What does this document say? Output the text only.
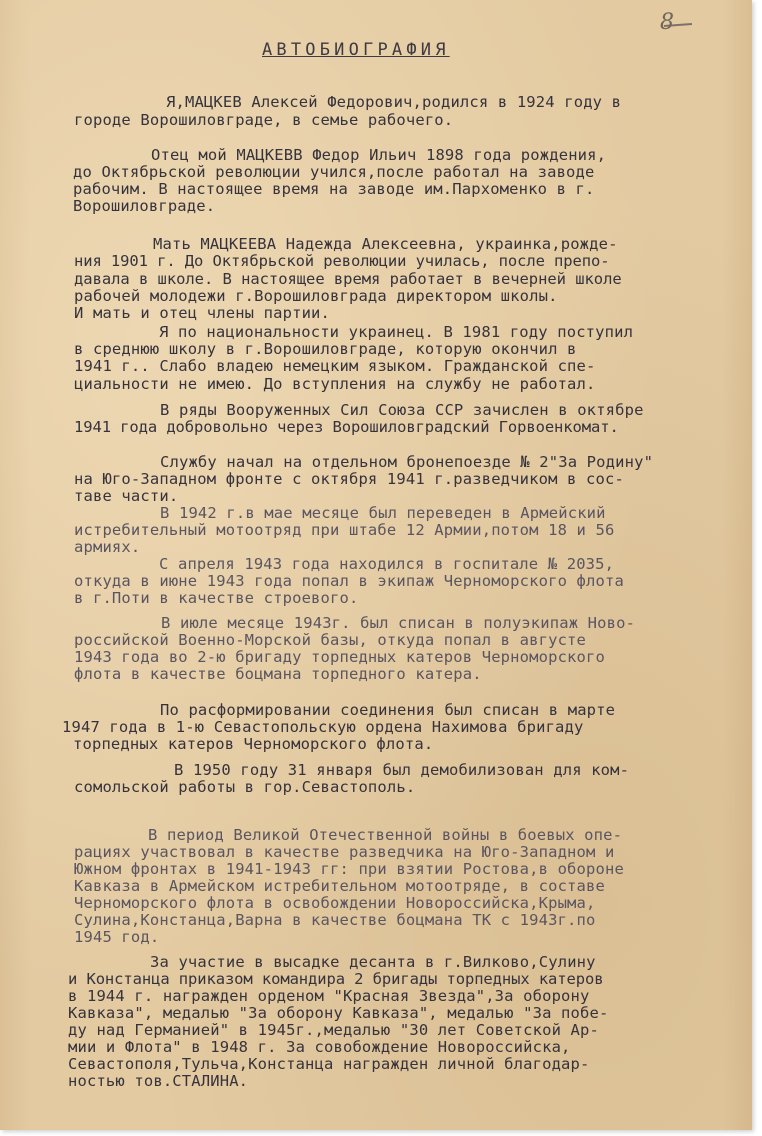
8
АВТОБИОГРАФИЯ
Я,МАЦКЕВ Алексей Федорович,родился в 1924 году в
городе Ворошиловграде, в семье рабочего.
Отец мой МАЦКЕВВ Федор Ильич 1898 года рождения,
до Октябрьской революции учился,после работал на заводе
рабочим. В настоящее время на заводе им.Пархоменко в г.
Ворошиловграде.
Мать МАЦКЕЕВА Надежда Алексеевна, украинка,рожде-
ния 1901 г. До Октябрьской революции училась, после препо-
давала в школе. В настоящее время работает в вечерней школе
рабочей молодежи г.Ворошиловграда директором школы.
И мать и отец члены партии.
Я по национальности украинец. В 1981 году поступил
в среднюю школу в г.Ворошиловграде, которую окончил в
1941 г.. Слабо владею немецким языком. Гражданской спе-
циальности не имею. До вступления на службу не работал.
В ряды Вооруженных Сил Союза ССР зачислен в октябре
1941 года добровольно через Ворошиловградский Горвоенкомат.
Службу начал на отдельном бронепоезде № 2"За Родину"
на Юго-Западном фронте с октября 1941 г.разведчиком в сос-
таве части.
В 1942 г.в мае месяце был переведен в Армейский
истребительный мотоотряд при штабе 12 Армии,потом 18 и 56
армиях.
С апреля 1943 года находился в госпитале № 2035,
откуда в июне 1943 года попал в экипаж Черноморского флота
в г.Поти в качестве строевого.
В июле месяце 1943г. был списан в полуэкипаж Ново-
российской Военно-Морской базы, откуда попал в августе
1943 года во 2-ю бригаду торпедных катеров Черноморского
флота в качестве боцмана торпедного катера.
По расформировании соединения был списан в марте
1947 года в 1-ю Севастопольскую ордена Нахимова бригаду
торпедных катеров Черноморского флота.
В 1950 году 31 января был демобилизован для ком-
сомольской работы в гор.Севастополь.
В период Великой Отечественной войны в боевых опе-
рациях участвовал в качестве разведчика на Юго-Западном и
Южном фронтах в 1941-1943 гг: при взятии Ростова,в обороне
Кавказа в Армейском истребительном мотоотряде, в составе
Черноморского флота в освобождении Новороссийска,Крыма,
Сулина,Констанца,Варна в качестве боцмана ТК с 1943г.по
1945 год.
За участие в высадке десанта в г.Вилково,Сулину
и Констанца приказом командира 2 бригады торпедных катеров
в 1944 г. награжден орденом "Красная Звезда",За оборону
Кавказа", медалью "За оборону Кавказа", медалью "За побе-
ду над Германией" в 1945г.,медалью "30 лет Советской Ар-
мии и Флота" в 1948 г. За совобождение Новороссийска,
Севастополя,Тульча,Констанца награжден личной благодар-
ностью тов.СТАЛИНА.
